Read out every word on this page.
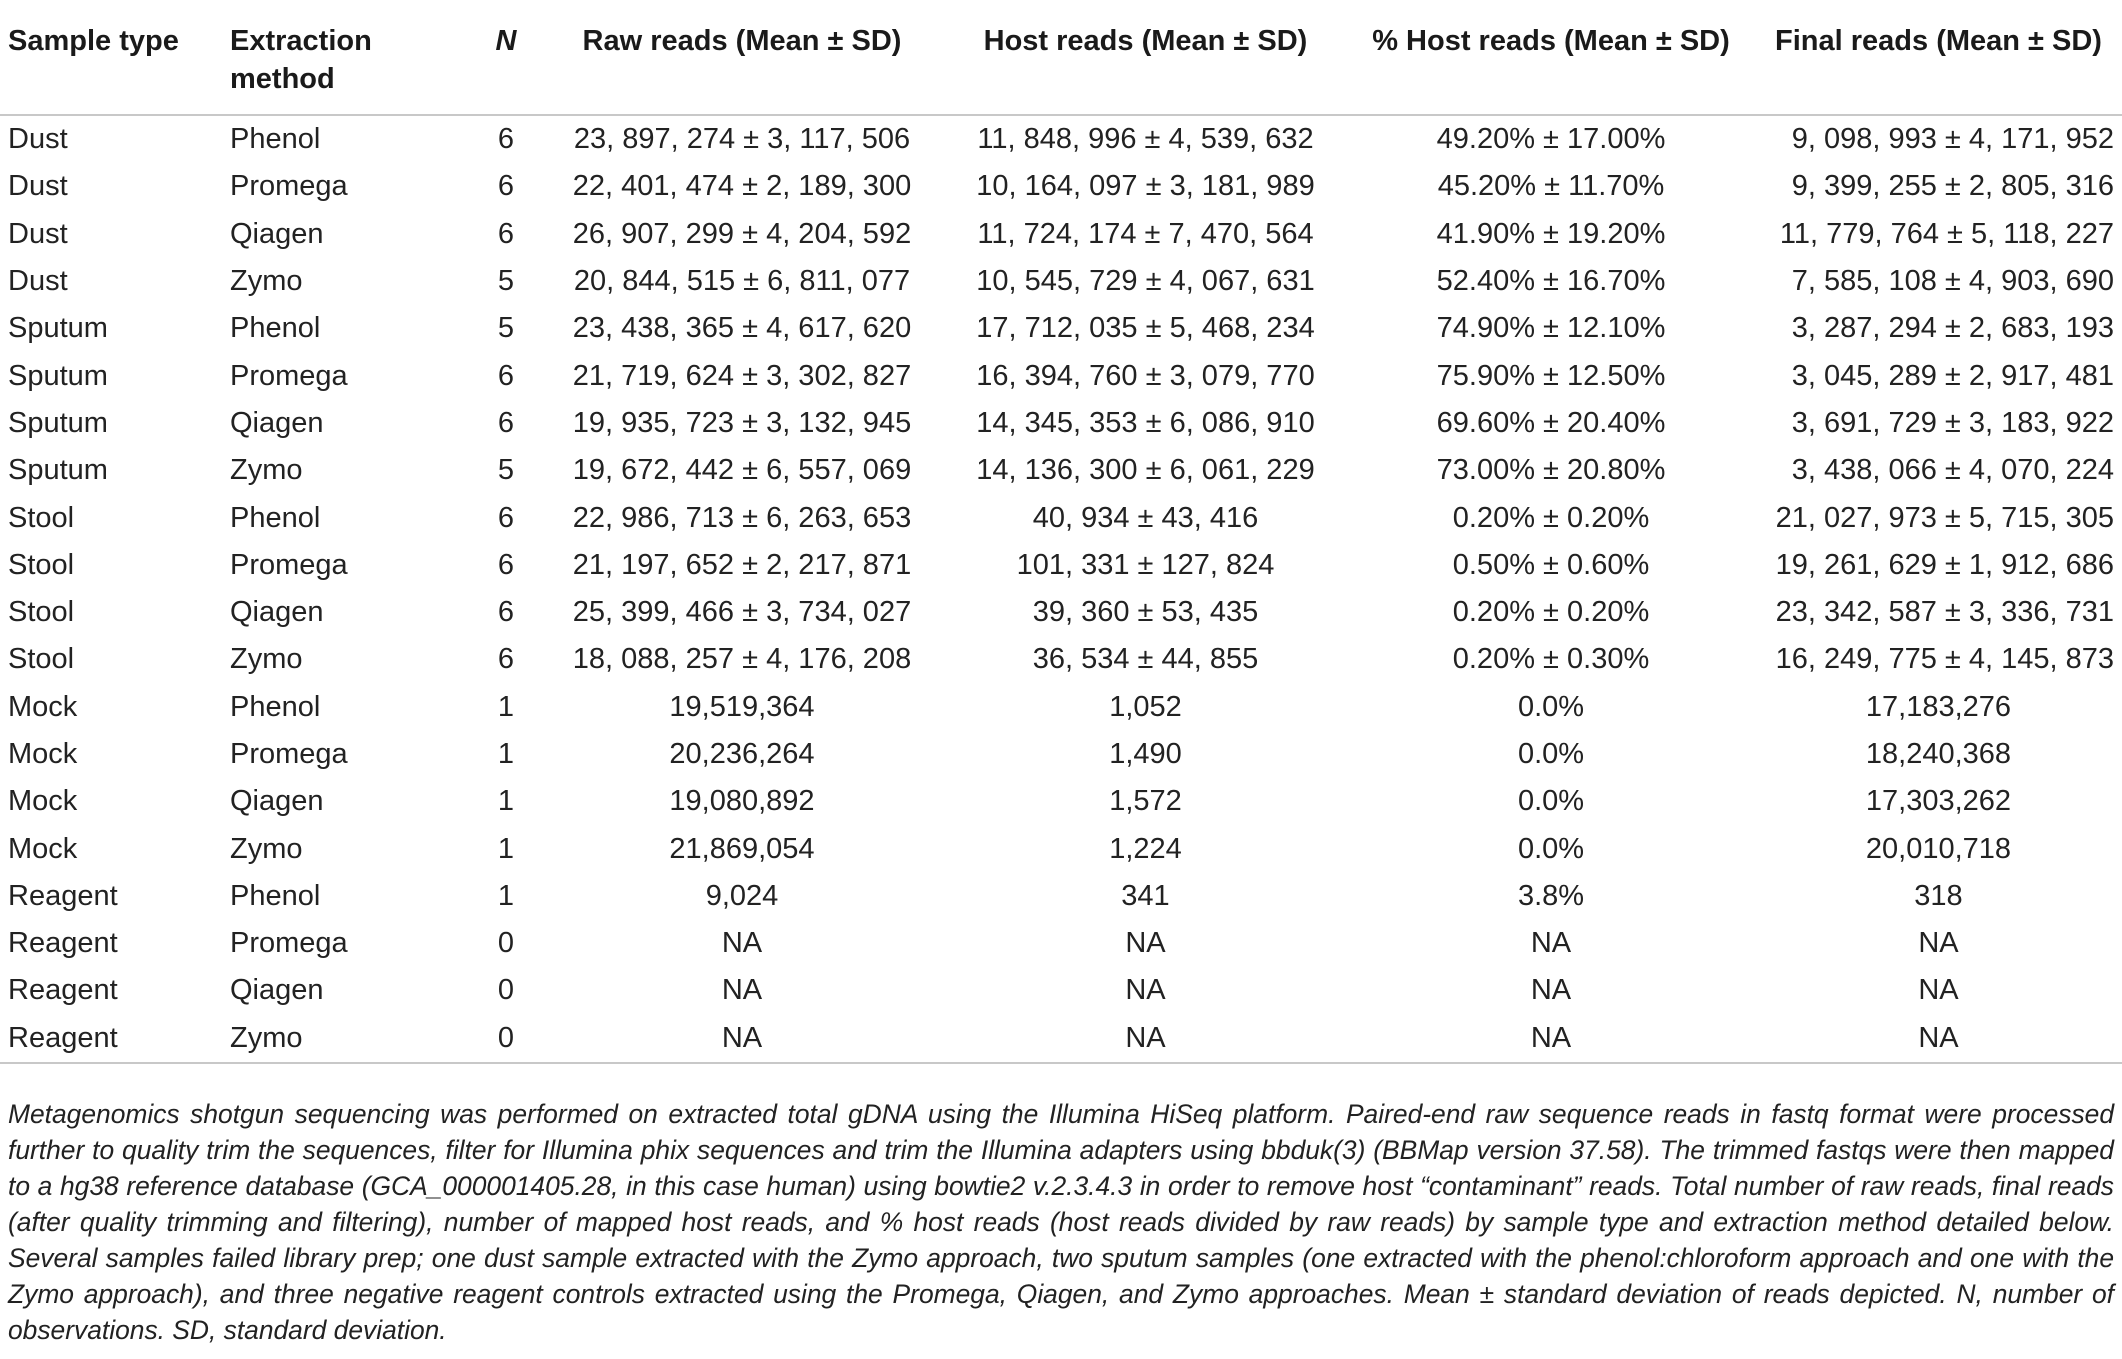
Sample type	Extraction method	N	Raw reads (Mean ± SD)	Host reads (Mean ± SD)	% Host reads (Mean ± SD)	Final reads (Mean ± SD)
Dust	Phenol	6	23, 897, 274 ± 3, 117, 506	11, 848, 996 ± 4, 539, 632	49.20% ± 17.00%	9, 098, 993 ± 4, 171, 952
Dust	Promega	6	22, 401, 474 ± 2, 189, 300	10, 164, 097 ± 3, 181, 989	45.20% ± 11.70%	9, 399, 255 ± 2, 805, 316
Dust	Qiagen	6	26, 907, 299 ± 4, 204, 592	11, 724, 174 ± 7, 470, 564	41.90% ± 19.20%	11, 779, 764 ± 5, 118, 227
Dust	Zymo	5	20, 844, 515 ± 6, 811, 077	10, 545, 729 ± 4, 067, 631	52.40% ± 16.70%	7, 585, 108 ± 4, 903, 690
Sputum	Phenol	5	23, 438, 365 ± 4, 617, 620	17, 712, 035 ± 5, 468, 234	74.90% ± 12.10%	3, 287, 294 ± 2, 683, 193
Sputum	Promega	6	21, 719, 624 ± 3, 302, 827	16, 394, 760 ± 3, 079, 770	75.90% ± 12.50%	3, 045, 289 ± 2, 917, 481
Sputum	Qiagen	6	19, 935, 723 ± 3, 132, 945	14, 345, 353 ± 6, 086, 910	69.60% ± 20.40%	3, 691, 729 ± 3, 183, 922
Sputum	Zymo	5	19, 672, 442 ± 6, 557, 069	14, 136, 300 ± 6, 061, 229	73.00% ± 20.80%	3, 438, 066 ± 4, 070, 224
Stool	Phenol	6	22, 986, 713 ± 6, 263, 653	40, 934 ± 43, 416	0.20% ± 0.20%	21, 027, 973 ± 5, 715, 305
Stool	Promega	6	21, 197, 652 ± 2, 217, 871	101, 331 ± 127, 824	0.50% ± 0.60%	19, 261, 629 ± 1, 912, 686
Stool	Qiagen	6	25, 399, 466 ± 3, 734, 027	39, 360 ± 53, 435	0.20% ± 0.20%	23, 342, 587 ± 3, 336, 731
Stool	Zymo	6	18, 088, 257 ± 4, 176, 208	36, 534 ± 44, 855	0.20% ± 0.30%	16, 249, 775 ± 4, 145, 873
Mock	Phenol	1	19,519,364	1,052	0.0%	17,183,276
Mock	Promega	1	20,236,264	1,490	0.0%	18,240,368
Mock	Qiagen	1	19,080,892	1,572	0.0%	17,303,262
Mock	Zymo	1	21,869,054	1,224	0.0%	20,010,718
Reagent	Phenol	1	9,024	341	3.8%	318
Reagent	Promega	0	NA	NA	NA	NA
Reagent	Qiagen	0	NA	NA	NA	NA
Reagent	Zymo	0	NA	NA	NA	NA

Metagenomics shotgun sequencing was performed on extracted total gDNA using the Illumina HiSeq platform. Paired-end raw sequence reads in fastq format were processed further to quality trim the sequences, filter for Illumina phix sequences and trim the Illumina adapters using bbduk(3) (BBMap version 37.58). The trimmed fastqs were then mapped to a hg38 reference database (GCA_000001405.28, in this case human) using bowtie2 v.2.3.4.3 in order to remove host “contaminant” reads. Total number of raw reads, final reads (after quality trimming and filtering), number of mapped host reads, and % host reads (host reads divided by raw reads) by sample type and extraction method detailed below. Several samples failed library prep; one dust sample extracted with the Zymo approach, two sputum samples (one extracted with the phenol:chloroform approach and one with the Zymo approach), and three negative reagent controls extracted using the Promega, Qiagen, and Zymo approaches. Mean ± standard deviation of reads depicted. N, number of observations. SD, standard deviation.
